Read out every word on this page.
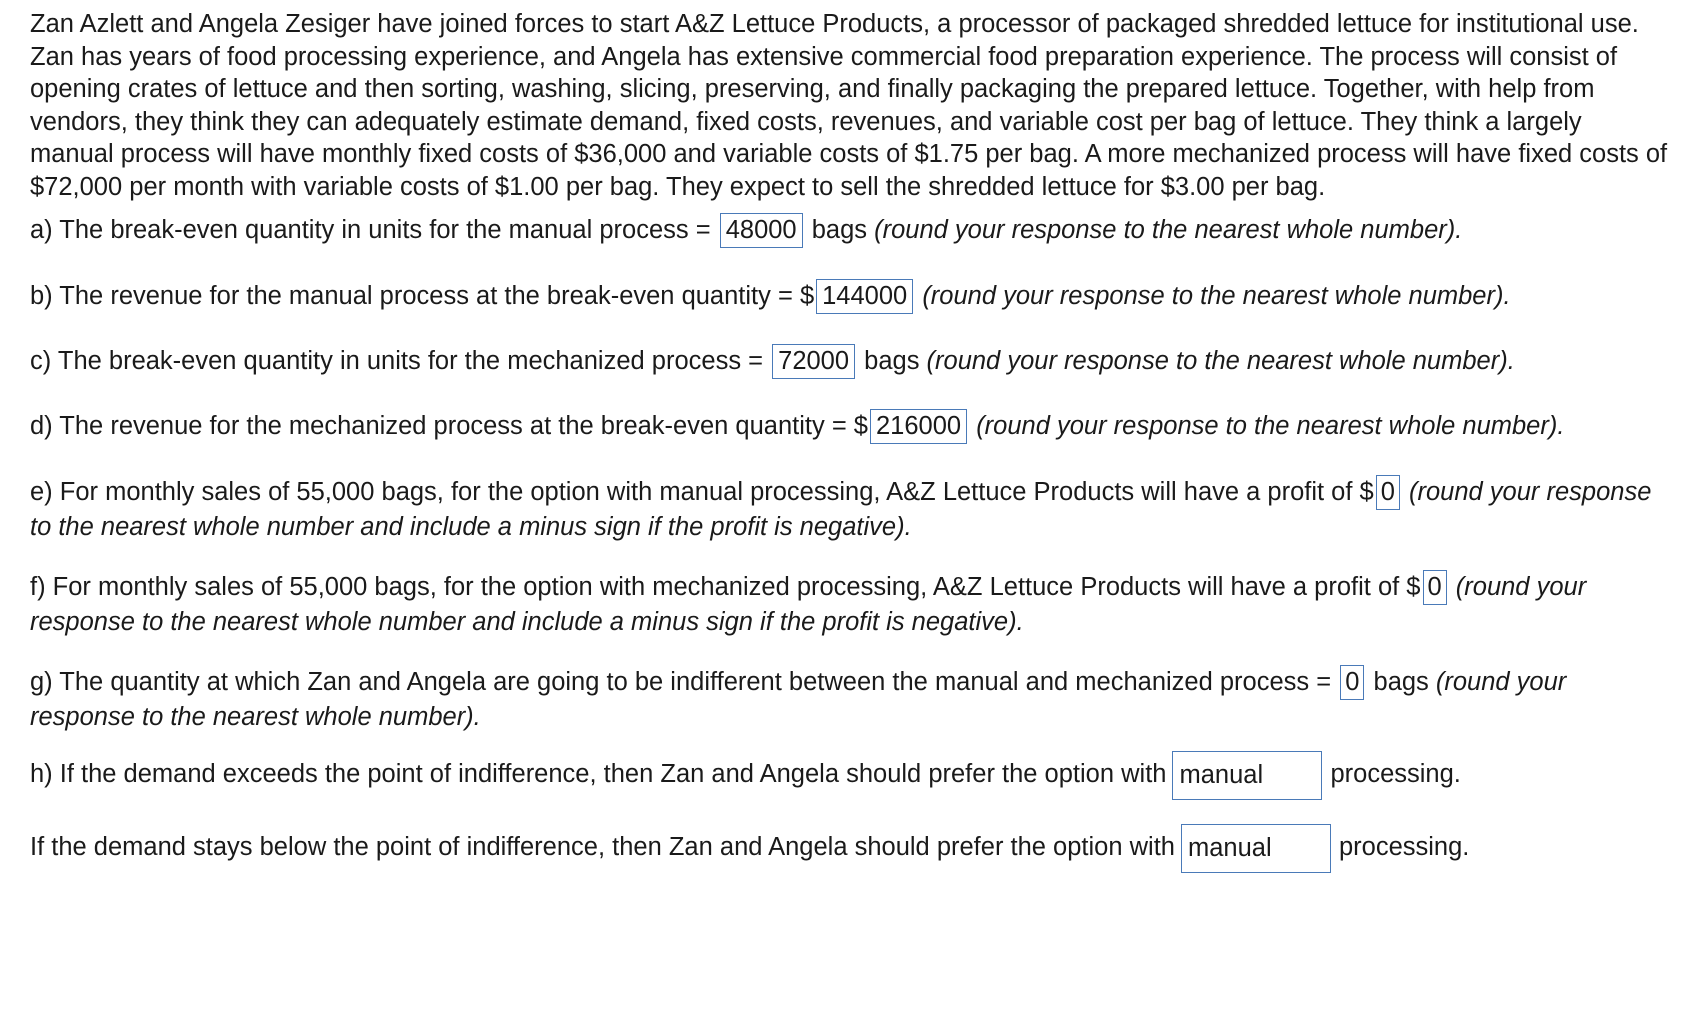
Zan Azlett and Angela Zesiger have joined forces to start A&Z Lettuce Products, a processor of packaged shredded lettuce for institutional use. Zan has years of food processing experience, and Angela has extensive commercial food preparation experience. The process will consist of opening crates of lettuce and then sorting, washing, slicing, preserving, and finally packaging the prepared lettuce. Together, with help from vendors, they think they can adequately estimate demand, fixed costs, revenues, and variable cost per bag of lettuce. They think a largely manual process will have monthly fixed costs of $36,000 and variable costs of $1.75 per bag. A more mechanized process will have fixed costs of $72,000 per month with variable costs of $1.00 per bag. They expect to sell the shredded lettuce for $3.00 per bag.

a) The break-even quantity in units for the manual process = 48000 bags (round your response to the nearest whole number).

b) The revenue for the manual process at the break-even quantity = $ 144000 (round your response to the nearest whole number).

c) The break-even quantity in units for the mechanized process = 72000 bags (round your response to the nearest whole number).

d) The revenue for the mechanized process at the break-even quantity = $ 216000 (round your response to the nearest whole number).

e) For monthly sales of 55,000 bags, for the option with manual processing, A&Z Lettuce Products will have a profit of $ 0 (round your response to the nearest whole number and include a minus sign if the profit is negative).

f) For monthly sales of 55,000 bags, for the option with mechanized processing, A&Z Lettuce Products will have a profit of $ 0 (round your response to the nearest whole number and include a minus sign if the profit is negative).

g) The quantity at which Zan and Angela are going to be indifferent between the manual and mechanized process = 0 bags (round your response to the nearest whole number).

h) If the demand exceeds the point of indifference, then Zan and Angela should prefer the option with manual	processing.

If the demand stays below the point of indifference, then Zan and Angela should prefer the option with manual	processing.
